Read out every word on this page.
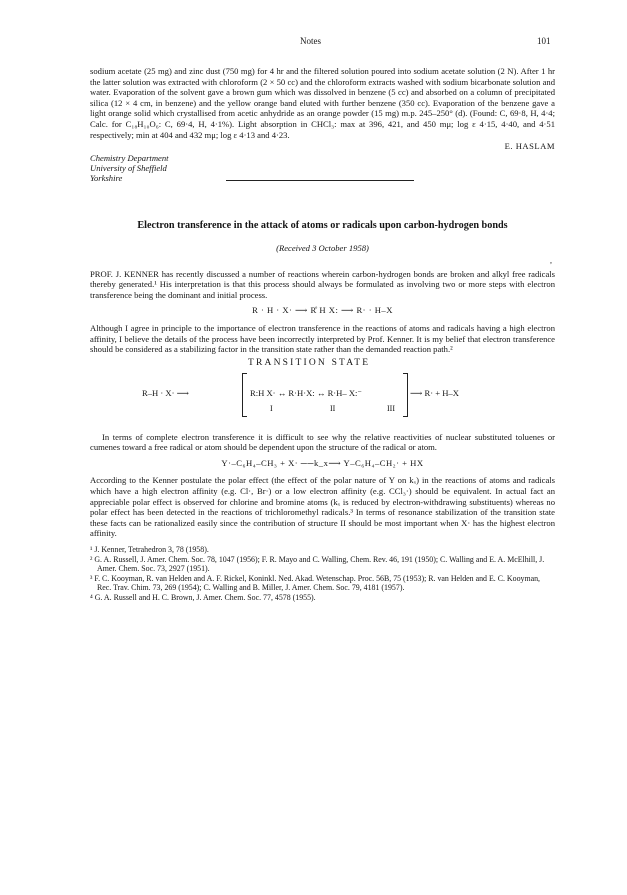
Notes	101
,

sodium acetate (25 mg) and zinc dust (750 mg) for 4 hr and the filtered solution poured into sodium acetate solution (2 N). After 1 hr the latter solution was extracted with chloroform (2 × 50 cc) and the chloroform extracts washed with sodium bicarbonate solution and water. Evaporation of the solvent gave a brown gum which was dissolved in benzene (5 cc) and absorbed on a column of precipitated silica (12 × 4 cm, in benzene) and the yellow orange band eluted with further benzene (350 cc). Evaporation of the benzene gave a light orange solid which crystallised from acetic anhydride as an orange powder (15 mg) m.p. 245–250° (d). (Found: C, 69·8, H, 4·4; Calc. for C₁₈H₁₀O₆: C, 69·4, H, 4·1%). Light absorption in CHCl₃: max at 396, 421, and 450 mμ; log ε 4·15, 4·40, and 4·51 respectively; min at 404 and 432 mμ; log ε 4·13 and 4·23.

E. HASLAM

Chemistry Department
University of Sheffield
Yorkshire
Electron transference in the attack of atoms or radicals upon carbon-hydrogen bonds
(Received 3 October 1958)

PROF. J. KENNER has recently discussed a number of reactions wherein carbon-hydrogen bonds are broken and alkyl free radicals thereby generated.¹ His interpretation is that this process should always be formulated as involving two or more steps with electron transference being the dominant and initial process.

R · H · X· ⟶ R̊ H X: ⟶ R· · H–X

Although I agree in principle to the importance of electron transference in the reactions of atoms and radicals having a high electron affinity, I believe the details of the process have been incorrectly interpreted by Prof. Kenner. It is my belief that electron transference should be considered as a stabilizing factor in the transition state rather than the demanded reaction path.²

TRANSITION STATE
R–H · X· ⟶	R:H X· ↔ R·H·X: ↔ R·H– X:⁻
I	II	III
⟶ R· + H–X

In terms of complete electron transference it is difficult to see why the relative reactivities of nuclear substituted toluenes or cumenes toward a free radical or atom should be dependent upon the structure of the radical or atom.

Y·–C₆H₄–CH₃ + X· ──k_x⟶ Y–C₆H₄–CH₂· + HX

According to the Kenner postulate the polar effect (the effect of the polar nature of Y on kₓ) in the reactions of atoms and radicals which have a high electron affinity (e.g. Cl·, Br·) or a low electron affinity (e.g. CCl₃·) should be equivalent. In actual fact an appreciable polar effect is observed for chlorine and bromine atoms (kₓ is reduced by electron-withdrawing substituents) whereas no polar effect has been detected in the reactions of trichloromethyl radicals.³ In terms of resonance stabilization of the transition state these facts can be rationalized easily since the contribution of structure II should be most important when X· has the highest electron affinity.

¹ J. Kenner, Tetrahedron 3, 78 (1958).

² G. A. Russell, J. Amer. Chem. Soc. 78, 1047 (1956); F. R. Mayo and C. Walling, Chem. Rev. 46, 191 (1950); C. Walling and E. A. McElhill, J. Amer. Chem. Soc. 73, 2927 (1951).

³ F. C. Kooyman, R. van Helden and A. F. Rickel, Koninkl. Ned. Akad. Wetenschap. Proc. 56B, 75 (1953); R. van Helden and E. C. Kooyman, Rec. Trav. Chim. 73, 269 (1954); C. Walling and B. Miller, J. Amer. Chem. Soc. 79, 4181 (1957).

⁴ G. A. Russell and H. C. Brown, J. Amer. Chem. Soc. 77, 4578 (1955).
